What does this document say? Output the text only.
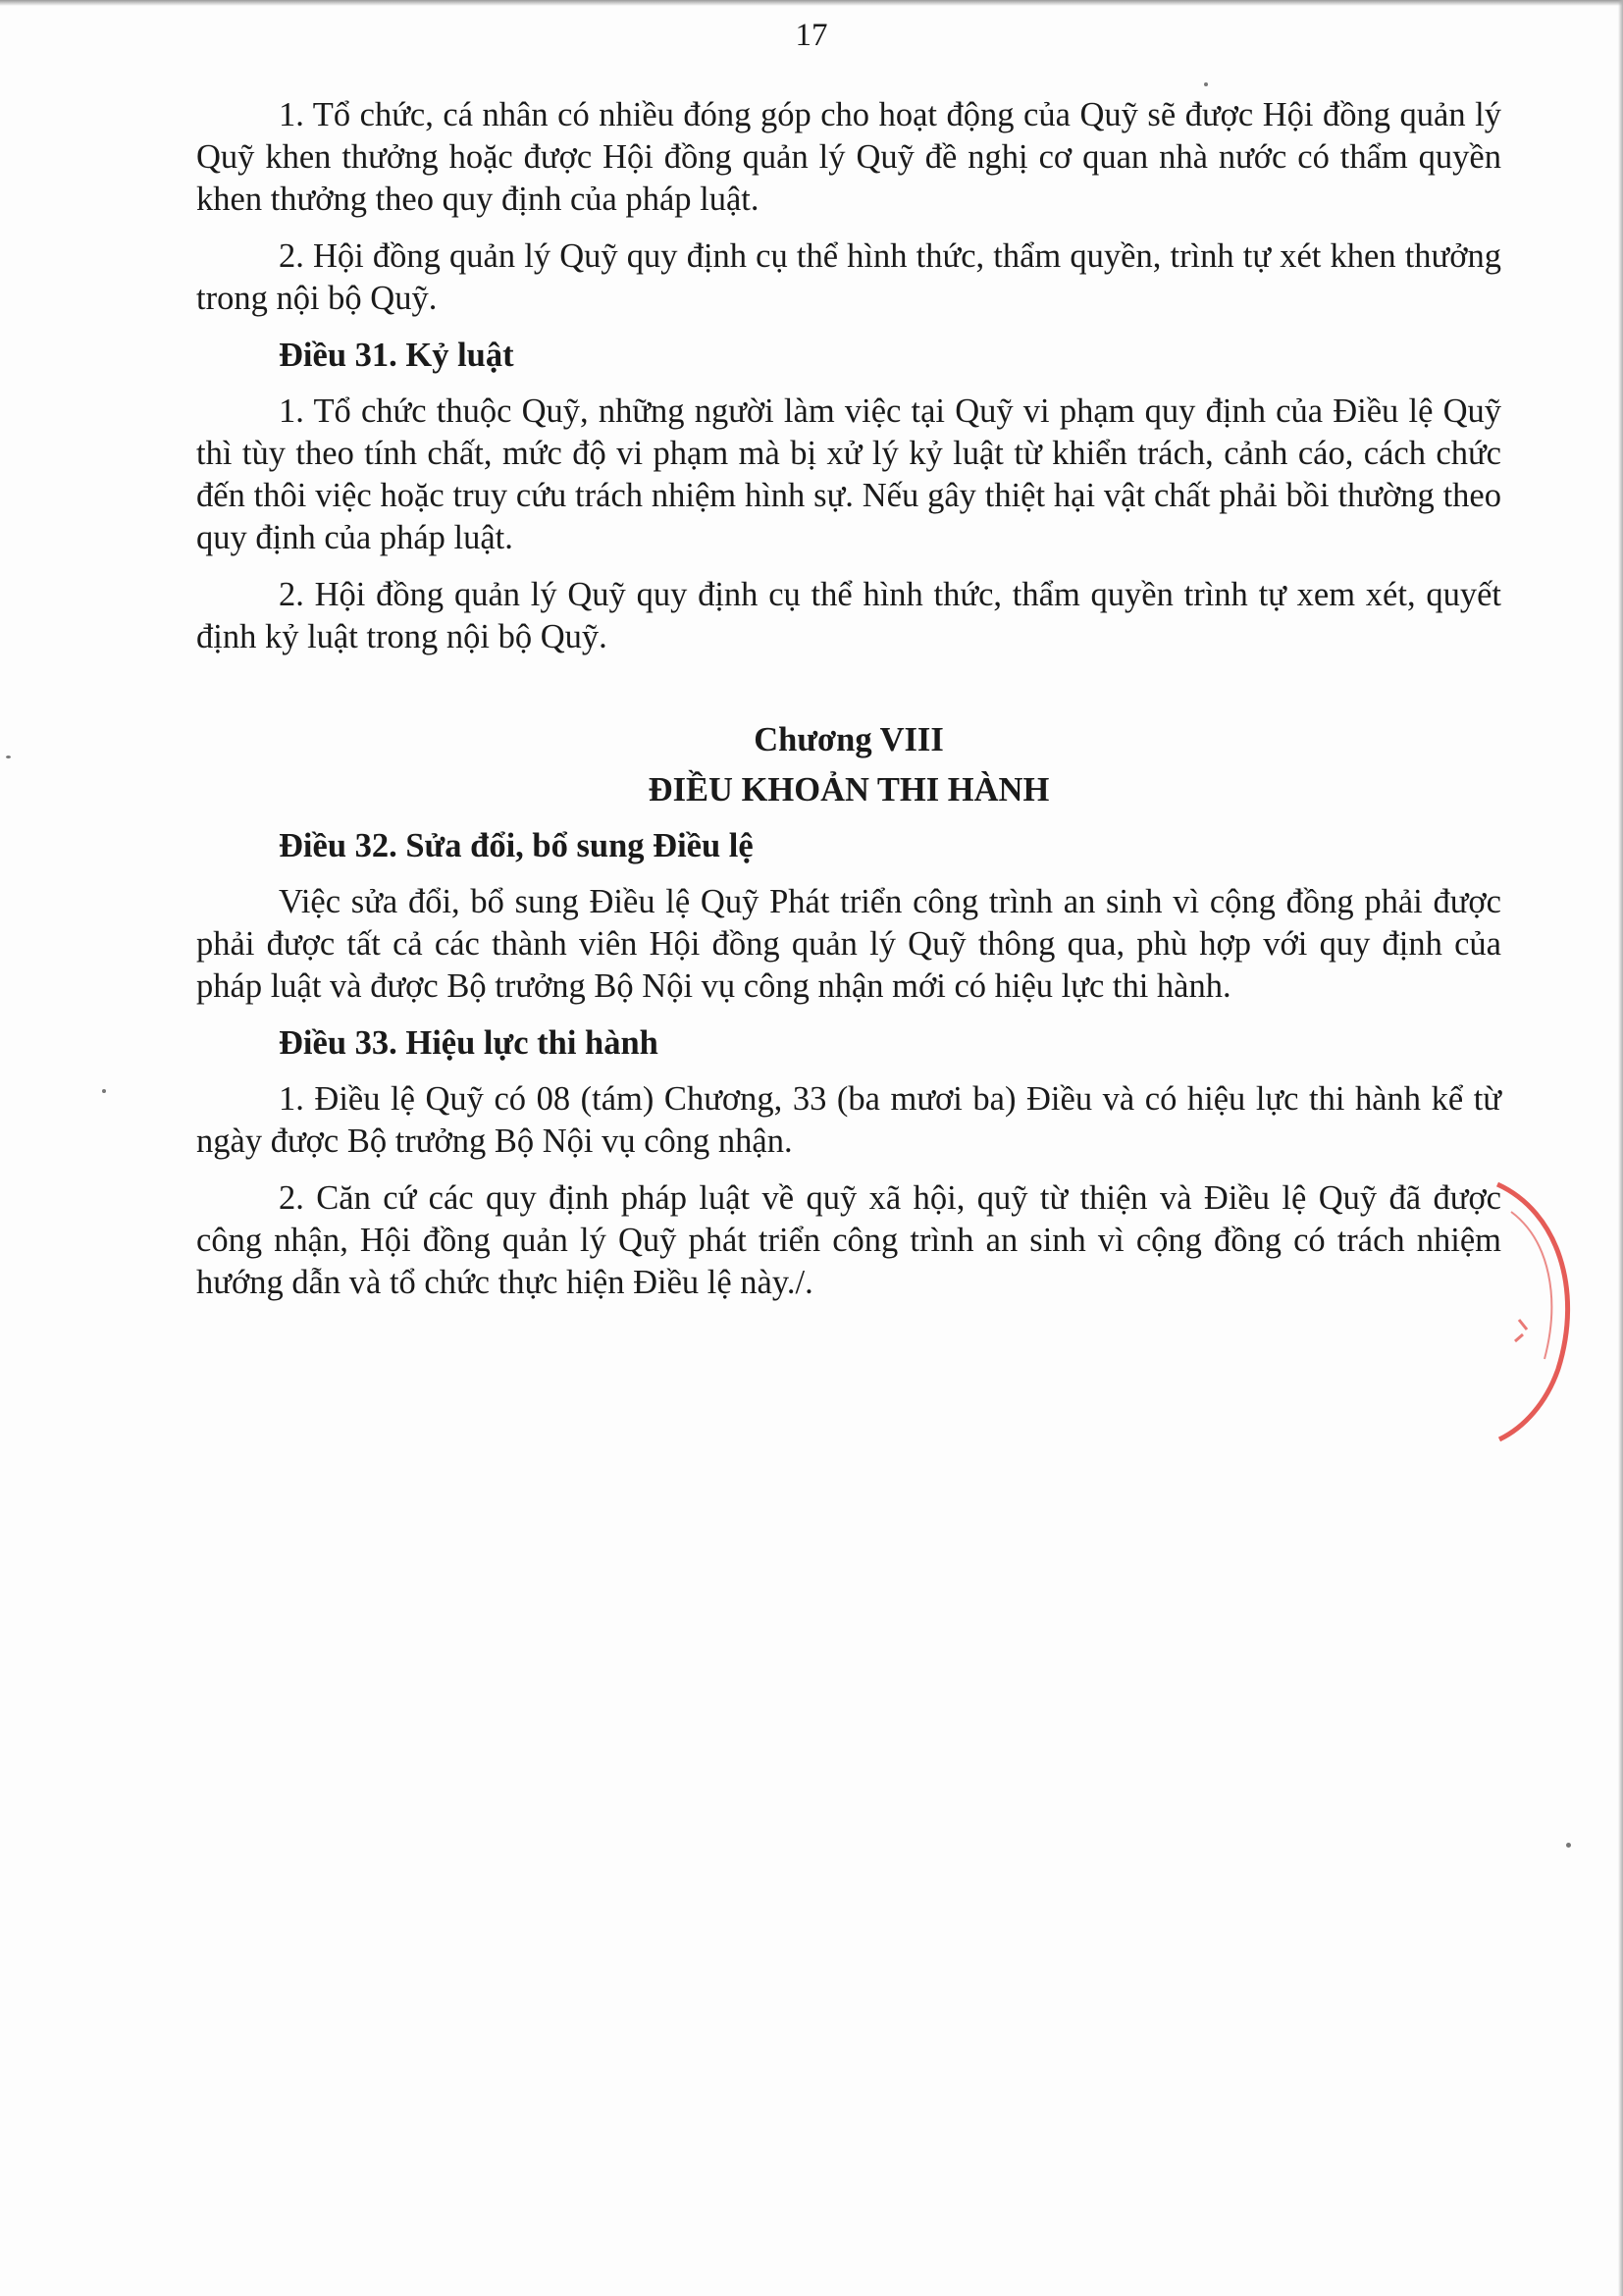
17

1. Tổ chức, cá nhân có nhiều đóng góp cho hoạt động của Quỹ sẽ được Hội đồng quản lý Quỹ khen thưởng hoặc được Hội đồng quản lý Quỹ đề nghị cơ quan nhà nước có thẩm quyền khen thưởng theo quy định của pháp luật.

2. Hội đồng quản lý Quỹ quy định cụ thể hình thức, thẩm quyền, trình tự xét khen thưởng trong nội bộ Quỹ.

Điều 31. Kỷ luật

1. Tổ chức thuộc Quỹ, những người làm việc tại Quỹ vi phạm quy định của Điều lệ Quỹ thì tùy theo tính chất, mức độ vi phạm mà bị xử lý kỷ luật từ khiển trách, cảnh cáo, cách chức đến thôi việc hoặc truy cứu trách nhiệm hình sự. Nếu gây thiệt hại vật chất phải bồi thường theo quy định của pháp luật.

2. Hội đồng quản lý Quỹ quy định cụ thể hình thức, thẩm quyền trình tự xem xét, quyết định kỷ luật trong nội bộ Quỹ.

Chương VIII

ĐIỀU KHOẢN THI HÀNH

Điều 32. Sửa đổi, bổ sung Điều lệ

Việc sửa đổi, bổ sung Điều lệ Quỹ Phát triển công trình an sinh vì cộng đồng phải được phải được tất cả các thành viên Hội đồng quản lý Quỹ thông qua, phù hợp với quy định của pháp luật và được Bộ trưởng Bộ Nội vụ công nhận mới có hiệu lực thi hành.

Điều 33. Hiệu lực thi hành

1. Điều lệ Quỹ có 08 (tám) Chương, 33 (ba mươi ba) Điều và có hiệu lực thi hành kể từ ngày được Bộ trưởng Bộ Nội vụ công nhận.

2. Căn cứ các quy định pháp luật về quỹ xã hội, quỹ từ thiện và Điều lệ Quỹ đã được công nhận, Hội đồng quản lý Quỹ phát triển công trình an sinh vì cộng đồng có trách nhiệm hướng dẫn và tổ chức thực hiện Điều lệ này./.
